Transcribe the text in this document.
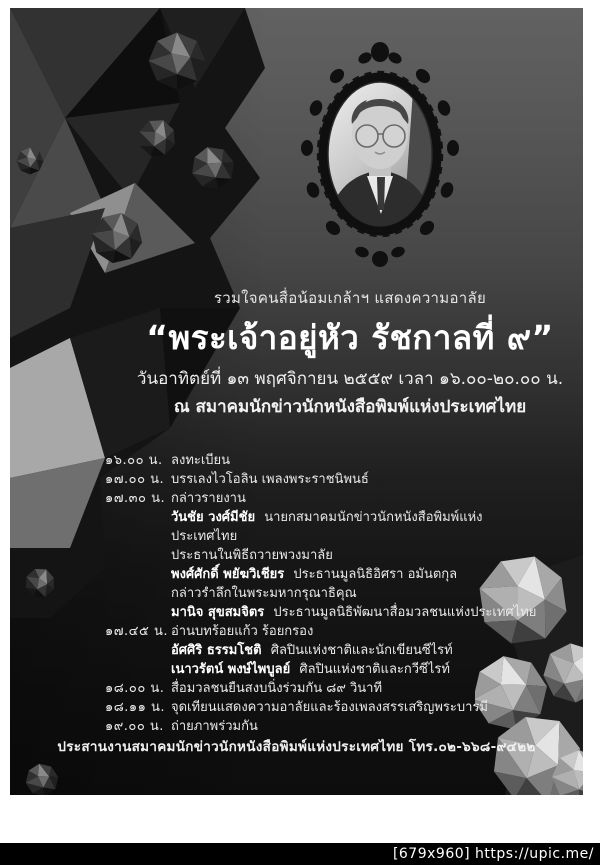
รวมใจคนสื่อน้อมเกล้าฯ แสดงความอาลัย
“พระเจ้าอยู่หัว รัชกาลที่ ๙”
วันอาทิตย์ที่ ๑๓ พฤศจิกายน ๒๕๕๙ เวลา ๑๖.๐๐-๒๐.๐๐ น.
ณ สมาคมนักข่าวนักหนังสือพิมพ์แห่งประเทศไทย
๑๖.๐๐ น. ลงทะเบียน
๑๗.๐๐ น. บรรเลงไวโอลิน เพลงพระราชนิพนธ์
๑๗.๓๐ น. กล่าวรายงาน
วันชัย วงศ์มีชัย นายกสมาคมนักข่าวนักหนังสือพิมพ์แห่งประเทศไทย
ประธานในพิธีถวายพวงมาลัย
พงศ์ศักดิ์ พยัฆวิเชียร ประธานมูลนิธิอิศรา อมันตกุล
กล่าวรำลึกในพระมหากรุณาธิคุณ
มานิจ สุขสมจิตร ประธานมูลนิธิพัฒนาสื่อมวลชนแห่งประเทศไทย
๑๗.๔๕ น. อ่านบทร้อยแก้ว ร้อยกรอง
อัศศิริ ธรรมโชติ ศิลปินแห่งชาติและนักเขียนซีไรท์
เนาวรัตน์ พงษ์ไพบูลย์ ศิลปินแห่งชาติและกวีซีไรท์
๑๘.๐๐ น. สื่อมวลชนยืนสงบนิ่งร่วมกัน ๘๙ วินาที
๑๘.๑๑ น. จุดเทียนแสดงความอาลัยและร้องเพลงสรรเสริญพระบารมี
๑๙.๐๐ น. ถ่ายภาพร่วมกัน
ประสานงานสมาคมนักข่าวนักหนังสือพิมพ์แห่งประเทศไทย โทร.๐๒-๖๖๘-๙๔๒๒
[679x960] https://upic.me/
